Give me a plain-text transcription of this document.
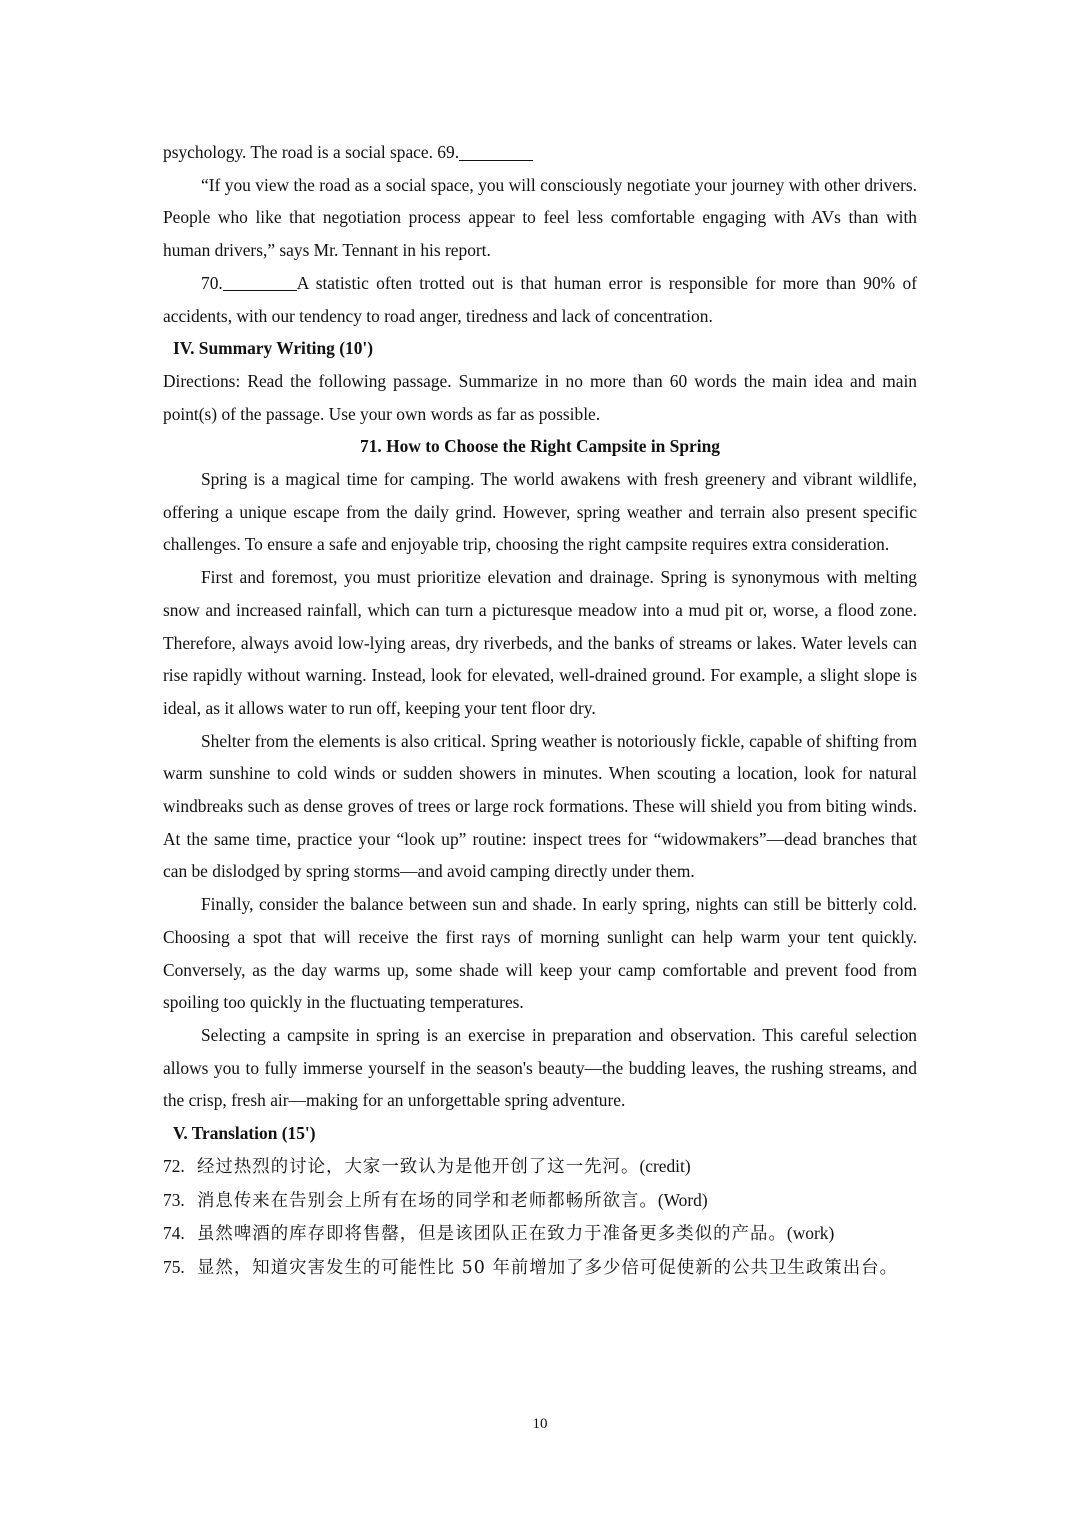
psychology. The road is a social space. 69.

“If you view the road as a social space, you will consciously negotiate your journey with other drivers. People who like that negotiation process appear to feel less comfortable engaging with AVs than with human drivers,” says Mr. Tennant in his report.

70.	A statistic often trotted out is that human error is responsible for more than 90% of accidents, with our tendency to road anger, tiredness and lack of concentration.

IV. Summary Writing (10')

Directions: Read the following passage. Summarize in no more than 60 words the main idea and main point(s) of the passage. Use your own words as far as possible.

71. How to Choose the Right Campsite in Spring

Spring is a magical time for camping. The world awakens with fresh greenery and vibrant wildlife, offering a unique escape from the daily grind. However, spring weather and terrain also present specific challenges. To ensure a safe and enjoyable trip, choosing the right campsite requires extra consideration.

First and foremost, you must prioritize elevation and drainage. Spring is synonymous with melting snow and increased rainfall, which can turn a picturesque meadow into a mud pit or, worse, a flood zone. Therefore, always avoid low-lying areas, dry riverbeds, and the banks of streams or lakes. Water levels can rise rapidly without warning. Instead, look for elevated, well-drained ground. For example, a slight slope is ideal, as it allows water to run off, keeping your tent floor dry.

Shelter from the elements is also critical. Spring weather is notoriously fickle, capable of shifting from warm sunshine to cold winds or sudden showers in minutes. When scouting a location, look for natural windbreaks such as dense groves of trees or large rock formations. These will shield you from biting winds. At the same time, practice your “look up” routine: inspect trees for “widowmakers”—dead branches that can be dislodged by spring storms—and avoid camping directly under them.

Finally, consider the balance between sun and shade. In early spring, nights can still be bitterly cold. Choosing a spot that will receive the first rays of morning sunlight can help warm your tent quickly. Conversely, as the day warms up, some shade will keep your camp comfortable and prevent food from spoiling too quickly in the fluctuating temperatures.

Selecting a campsite in spring is an exercise in preparation and observation. This careful selection allows you to fully immerse yourself in the season's beauty—the budding leaves, the rushing streams, and the crisp, fresh air—making for an unforgettable spring adventure.

V. Translation (15')

72. 经过热烈的讨论，大家一致认为是他开创了这一先河。(credit)

73. 消息传来在告别会上所有在场的同学和老师都畅所欲言。(Word)

74. 虽然啤酒的库存即将售罄，但是该团队正在致力于准备更多类似的产品。(work)

75. 显然，知道灾害发生的可能性比 50 年前增加了多少倍可促使新的公共卫生政策出台。

10
